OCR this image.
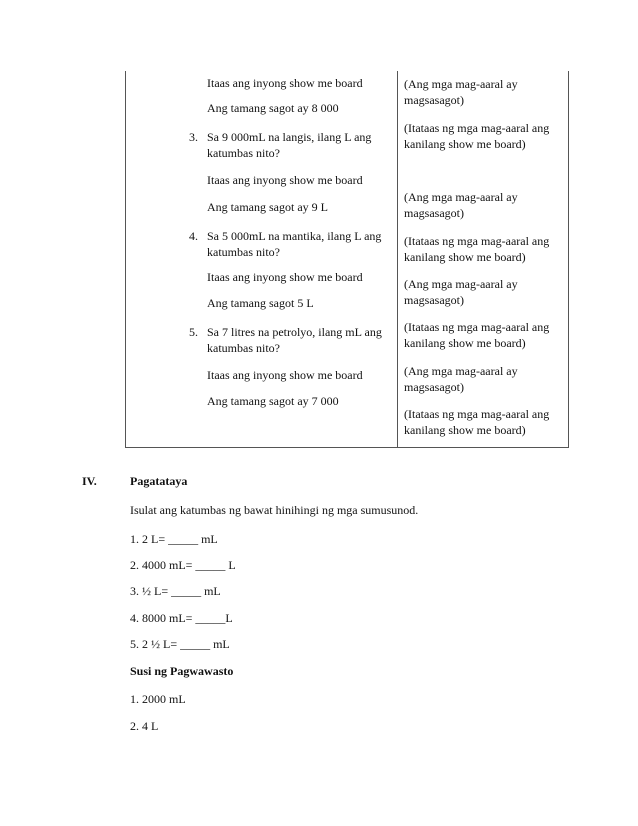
Itaas ang inyong show me board
Ang tamang sagot ay 8 000
3. Sa 9 000mL na langis, ilang L ang
katumbas nito?
Itaas ang inyong show me board
Ang tamang sagot ay 9 L
4. Sa 5 000mL na mantika, ilang L ang
katumbas nito?
Itaas ang inyong show me board
Ang tamang sagot 5 L
5. Sa 7 litres na petrolyo, ilang mL ang
katumbas nito?
Itaas ang inyong show me board
Ang tamang sagot ay 7 000
(Ang mga mag-aaral ay
magsasagot)
(Itataas ng mga mag-aaral ang
kanilang show me board)
(Ang mga mag-aaral ay
magsasagot)
(Itataas ng mga mag-aaral ang
kanilang show me board)
(Ang mga mag-aaral ay
magsasagot)
(Itataas ng mga mag-aaral ang
kanilang show me board)
(Ang mga mag-aaral ay
magsasagot)
(Itataas ng mga mag-aaral ang
kanilang show me board)
IV.	Pagatataya
Isulat ang katumbas ng bawat hinihingi ng mga sumusunod.
1. 2 L= _____ mL
2. 4000 mL= _____ L
3. ½ L= _____ mL
4. 8000 mL= _____L
5. 2 ½ L= _____ mL
Susi ng Pagwawasto
1. 2000 mL
2. 4 L
